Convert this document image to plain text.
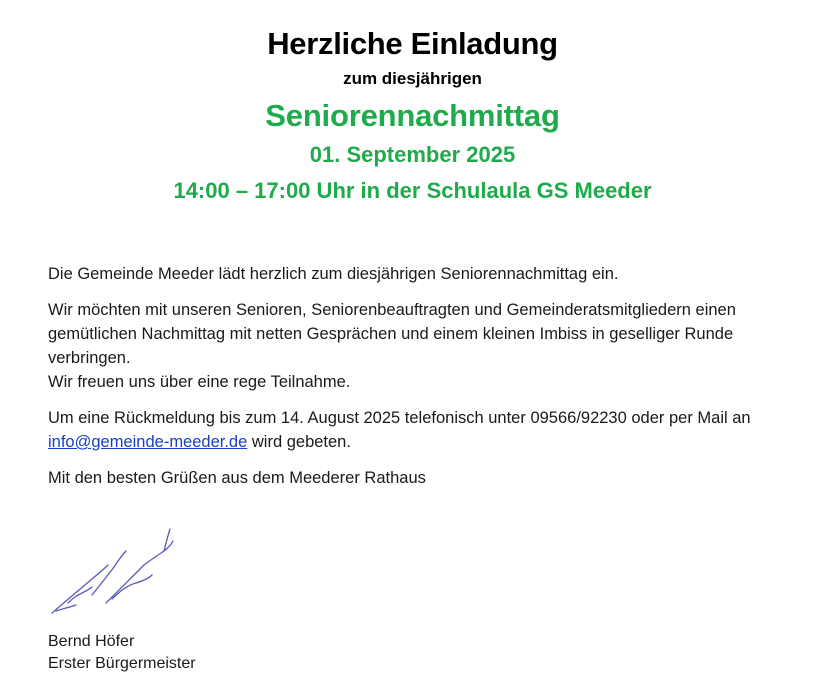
Herzliche Einladung
zum diesjährigen
Seniorennachmittag
01. September 2025
14:00 – 17:00 Uhr in der Schulaula GS Meeder

Die Gemeinde Meeder lädt herzlich zum diesjährigen Seniorennachmittag ein.

Wir möchten mit unseren Senioren, Seniorenbeauftragten und Gemeinderatsmitgliedern einen gemütlichen Nachmittag mit netten Gesprächen und einem kleinen Imbiss in geselliger Runde verbringen.
Wir freuen uns über eine rege Teilnahme.

Um eine Rückmeldung bis zum 14. August 2025 telefonisch unter 09566/92230 oder per Mail an info@gemeinde-meeder.de wird gebeten.

Mit den besten Grüßen aus dem Meederer Rathaus

Bernd Höfer
Erster Bürgermeister
